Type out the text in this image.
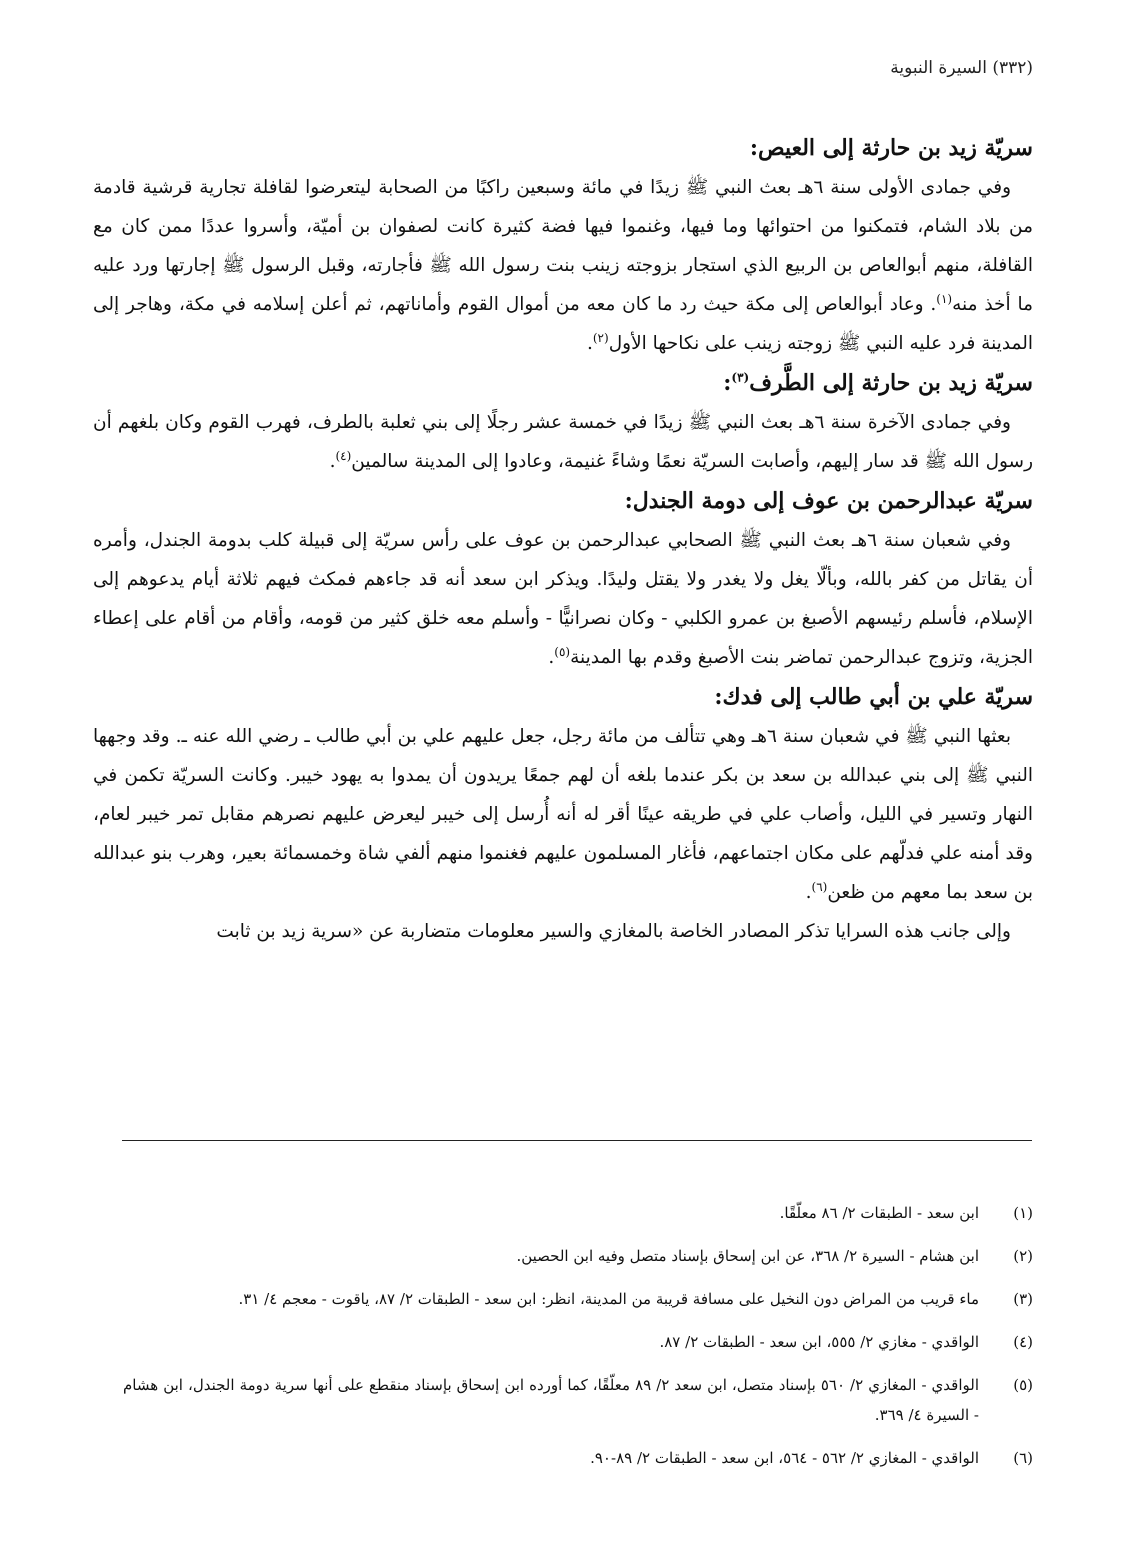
(٣٣٢) السيرة النبوية
سريّة زيد بن حارثة إلى العيص:

وفي جمادى الأولى سنة ٦هـ بعث النبي ﷺ زيدًا في مائة وسبعين راكبًا من الصحابة ليتعرضوا لقافلة تجارية قرشية قادمة من بلاد الشام، فتمكنوا من احتوائها وما فيها، وغنموا فيها فضة كثيرة كانت لصفوان بن أميّة، وأسروا عددًا ممن كان مع القافلة، منهم أبوالعاص بن الربيع الذي استجار بزوجته زينب بنت رسول الله ﷺ فأجارته، وقبل الرسول ﷺ إجارتها ورد عليه ما أخذ منه$^{(١)}$. وعاد أبوالعاص إلى مكة حيث رد ما كان معه من أموال القوم وأماناتهم، ثم أعلن إسلامه في مكة، وهاجر إلى المدينة فرد عليه النبي ﷺ زوجته زينب على نكاحها الأول$^{(٢)}$.

سريّة زيد بن حارثة إلى الطَّرف$^{(٣)}$:

وفي جمادى الآخرة سنة ٦هـ بعث النبي ﷺ زيدًا في خمسة عشر رجلًا إلى بني ثعلبة بالطرف، فهرب القوم وكان بلغهم أن رسول الله ﷺ قد سار إليهم، وأصابت السريّة نعمًا وشاءً غنيمة، وعادوا إلى المدينة سالمين$^{(٤)}$.

سريّة عبدالرحمن بن عوف إلى دومة الجندل:

وفي شعبان سنة ٦هـ بعث النبي ﷺ الصحابي عبدالرحمن بن عوف على رأس سريّة إلى قبيلة كلب بدومة الجندل، وأمره أن يقاتل من كفر بالله، وبألّا يغل ولا يغدر ولا يقتل وليدًا. ويذكر ابن سعد أنه قد جاءهم فمكث فيهم ثلاثة أيام يدعوهم إلى الإسلام، فأسلم رئيسهم الأصبغ بن عمرو الكلبي - وكان نصرانيًّا - وأسلم معه خلق كثير من قومه، وأقام من أقام على إعطاء الجزية، وتزوج عبدالرحمن تماضر بنت الأصبغ وقدم بها المدينة$^{(٥)}$.

سريّة علي بن أبي طالب إلى فدك:

بعثها النبي ﷺ في شعبان سنة ٦هـ وهي تتألف من مائة رجل، جعل عليهم علي بن أبي طالب ـ رضي الله عنه ـ. وقد وجهها النبي ﷺ إلى بني عبدالله بن سعد بن بكر عندما بلغه أن لهم جمعًا يريدون أن يمدوا به يهود خيبر. وكانت السريّة تكمن في النهار وتسير في الليل، وأصاب علي في طريقه عينًا أقر له أنه أُرسل إلى خيبر ليعرض عليهم نصرهم مقابل تمر خيبر لعام، وقد أمنه علي فدلّهم على مكان اجتماعهم، فأغار المسلمون عليهم فغنموا منهم ألفي شاة وخمسمائة بعير، وهرب بنو عبدالله بن سعد بما معهم من ظعن$^{(٦)}$.

وإلى جانب هذه السرايا تذكر المصادر الخاصة بالمغازي والسير معلومات متضاربة عن «سرية زيد بن ثابت

(١)
ابن سعد - الطبقات ٢/ ٨٦ معلّقًا.
(٢)
ابن هشام - السيرة ٢/ ٣٦٨، عن ابن إسحاق بإسناد متصل وفيه ابن الحصين.
(٣)
ماء قريب من المراض دون النخيل على مسافة قريبة من المدينة، انظر: ابن سعد - الطبقات ٢/ ٨٧، ياقوت - معجم ٤/ ٣١.
(٤)
الواقدي - مغازي ٢/ ٥٥٥، ابن سعد - الطبقات ٢/ ٨٧.
(٥)
الواقدي - المغازي ٢/ ٥٦٠ بإسناد متصل، ابن سعد ٢/ ٨٩ معلّقًا، كما أورده ابن إسحاق بإسناد منقطع على أنها سرية دومة الجندل، ابن هشام - السيرة ٤/ ٣٦٩.
(٦)
الواقدي - المغازي ٢/ ٥٦٢ - ٥٦٤، ابن سعد - الطبقات ٢/ ٨٩-٩٠.
